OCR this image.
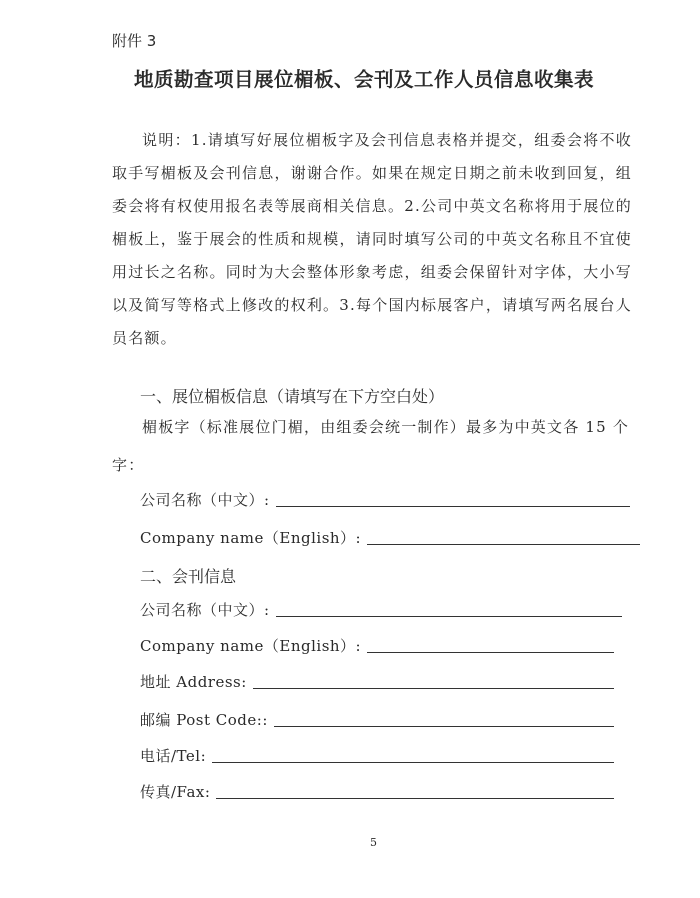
附件 3
地质勘查项目展位楣板、会刊及工作人员信息收集表

说明：1.请填写好展位楣板字及会刊信息表格并提交，组委会将不收取手写楣板及会刊信息，谢谢合作。如果在规定日期之前未收到回复，组委会将有权使用报名表等展商相关信息。2.公司中英文名称将用于展位的楣板上，鉴于展会的性质和规模，请同时填写公司的中英文名称且不宜使用过长之名称。同时为大会整体形象考虑，组委会保留针对字体，大小写以及简写等格式上修改的权利。3.每个国内标展客户，请填写两名展台人员名额。

一、展位楣板信息（请填写在下方空白处）

楣板字（标准展位门楣，由组委会统一制作）最多为中英文各 15 个字：

公司名称（中文）:
Company name（English）:
二、会刊信息
公司名称（中文）:
Company name（English）:
地址 Address:
邮编 Post Code::
电话/Tel:
传真/Fax:
5
